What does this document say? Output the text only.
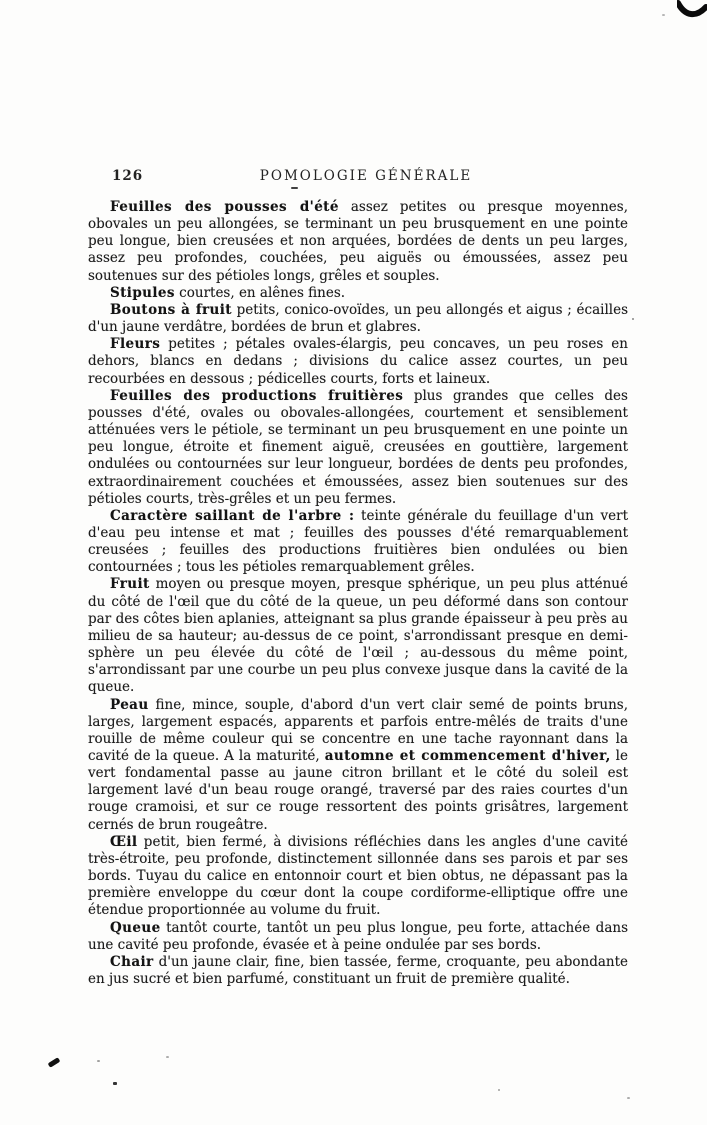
126	POMOLOGIE GÉNÉRALE

Feuilles des pousses d'été assez petites ou presque moyennes, obovales un peu allongées, se terminant un peu brusquement en une pointe peu longue, bien creusées et non arquées, bordées de dents un peu larges, assez peu profondes, couchées, peu aiguës ou émoussées, assez peu soutenues sur des pétioles longs, grêles et souples.

Stipules courtes, en alênes fines.

Boutons à fruit petits, conico-ovoïdes, un peu allongés et aigus ; écailles d'un jaune verdâtre, bordées de brun et glabres.

Fleurs petites ; pétales ovales-élargis, peu concaves, un peu roses en dehors, blancs en dedans ; divisions du calice assez courtes, un peu recourbées en dessous ; pédicelles courts, forts et laineux.

Feuilles des productions fruitières plus grandes que celles des pousses d'été, ovales ou obovales-allongées, courtement et sensiblement atténuées vers le pétiole, se terminant un peu brusquement en une pointe un peu longue, étroite et finement aiguë, creusées en gouttière, largement ondulées ou contournées sur leur longueur, bordées de dents peu profondes, extraordinairement couchées et émoussées, assez bien soutenues sur des pétioles courts, très-grêles et un peu fermes.

Caractère saillant de l'arbre : teinte générale du feuillage d'un vert d'eau peu intense et mat ; feuilles des pousses d'été remarquablement creusées ; feuilles des productions fruitières bien ondulées ou bien contournées ; tous les pétioles remarquablement grêles.

Fruit moyen ou presque moyen, presque sphérique, un peu plus atténué du côté de l'œil que du côté de la queue, un peu déformé dans son contour par des côtes bien aplanies, atteignant sa plus grande épaisseur à peu près au milieu de sa hauteur; au-dessus de ce point, s'arrondissant presque en demi-sphère un peu élevée du côté de l'œil ; au-dessous du même point, s'arrondissant par une courbe un peu plus convexe jusque dans la cavité de la queue.

Peau fine, mince, souple, d'abord d'un vert clair semé de points bruns, larges, largement espacés, apparents et parfois entre-mêlés de traits d'une rouille de même couleur qui se concentre en une tache rayonnant dans la cavité de la queue. A la maturité, automne et commencement d'hiver, le vert fondamental passe au jaune citron brillant et le côté du soleil est largement lavé d'un beau rouge orangé, traversé par des raies courtes d'un rouge cramoisi, et sur ce rouge ressortent des points grisâtres, largement cernés de brun rougeâtre.

Œil petit, bien fermé, à divisions réfléchies dans les angles d'une cavité très-étroite, peu profonde, distinctement sillonnée dans ses parois et par ses bords. Tuyau du calice en entonnoir court et bien obtus, ne dépassant pas la première enveloppe du cœur dont la coupe cordiforme-elliptique offre une étendue proportionnée au volume du fruit.

Queue tantôt courte, tantôt un peu plus longue, peu forte, attachée dans une cavité peu profonde, évasée et à peine ondulée par ses bords.

Chair d'un jaune clair, fine, bien tassée, ferme, croquante, peu abondante en jus sucré et bien parfumé, constituant un fruit de première qualité.
